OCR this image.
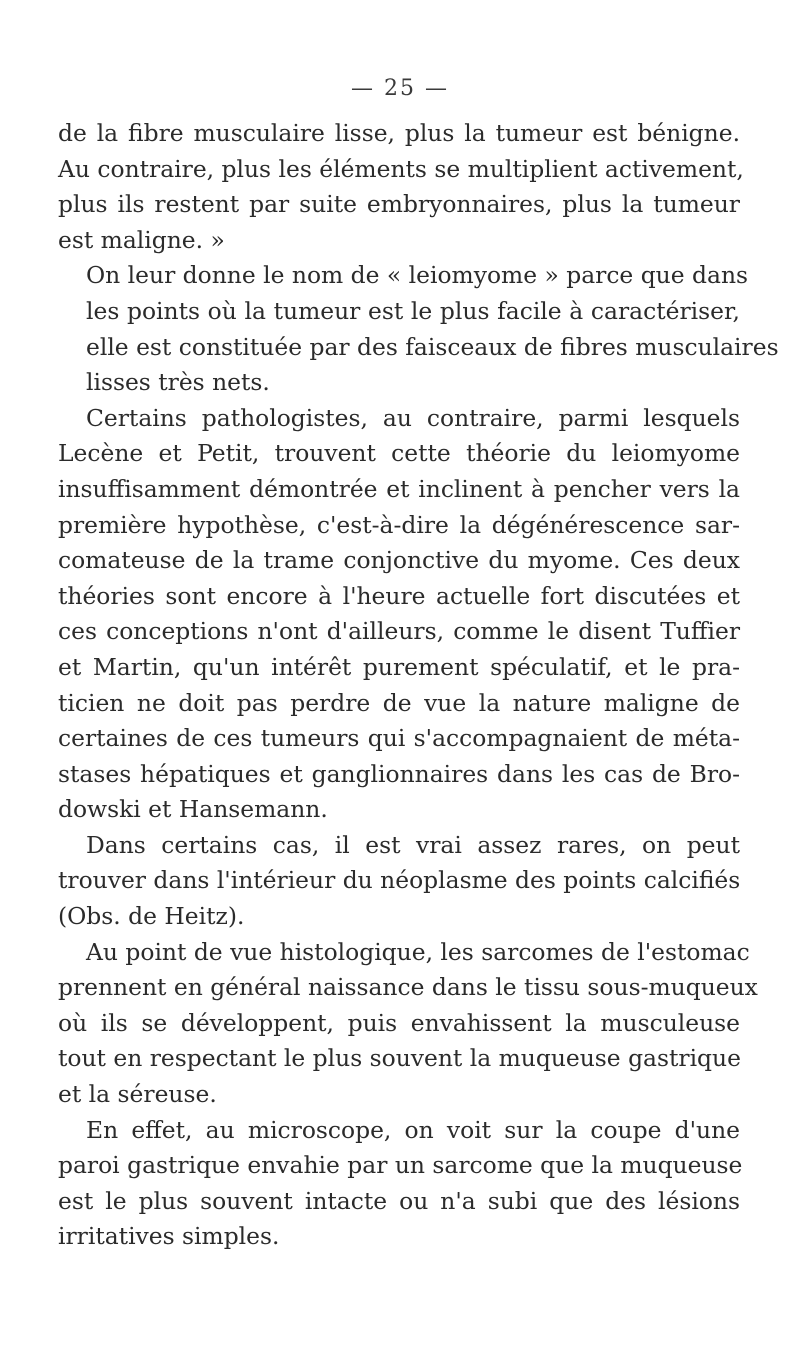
— 25 —

de la fibre musculaire lisse, plus la tumeur est bénigne.
Au contraire, plus les éléments se multiplient activement,
plus ils restent par suite embryonnaires, plus la tumeur
est maligne. »

On leur donne le nom de « leiomyome » parce que dans
les points où la tumeur est le plus facile à caractériser,
elle est constituée par des faisceaux de fibres musculaires
lisses très nets.

Certains pathologistes, au contraire, parmi lesquels
Lecène et Petit, trouvent cette théorie du leiomyome
insuffisamment démontrée et inclinent à pencher vers la
première hypothèse, c'est-à-dire la dégénérescence sar-
comateuse de la trame conjonctive du myome. Ces deux
théories sont encore à l'heure actuelle fort discutées et
ces conceptions n'ont d'ailleurs, comme le disent Tuffier
et Martin, qu'un intérêt purement spéculatif, et le pra-
ticien ne doit pas perdre de vue la nature maligne de
certaines de ces tumeurs qui s'accompagnaient de méta-
stases hépatiques et ganglionnaires dans les cas de Bro-
dowski et Hansemann.

Dans certains cas, il est vrai assez rares, on peut
trouver dans l'intérieur du néoplasme des points calcifiés
(Obs. de Heitz).

Au point de vue histologique, les sarcomes de l'estomac
prennent en général naissance dans le tissu sous-muqueux
où ils se développent, puis envahissent la musculeuse
tout en respectant le plus souvent la muqueuse gastrique
et la séreuse.

En effet, au microscope, on voit sur la coupe d'une
paroi gastrique envahie par un sarcome que la muqueuse
est le plus souvent intacte ou n'a subi que des lésions
irritatives simples.
